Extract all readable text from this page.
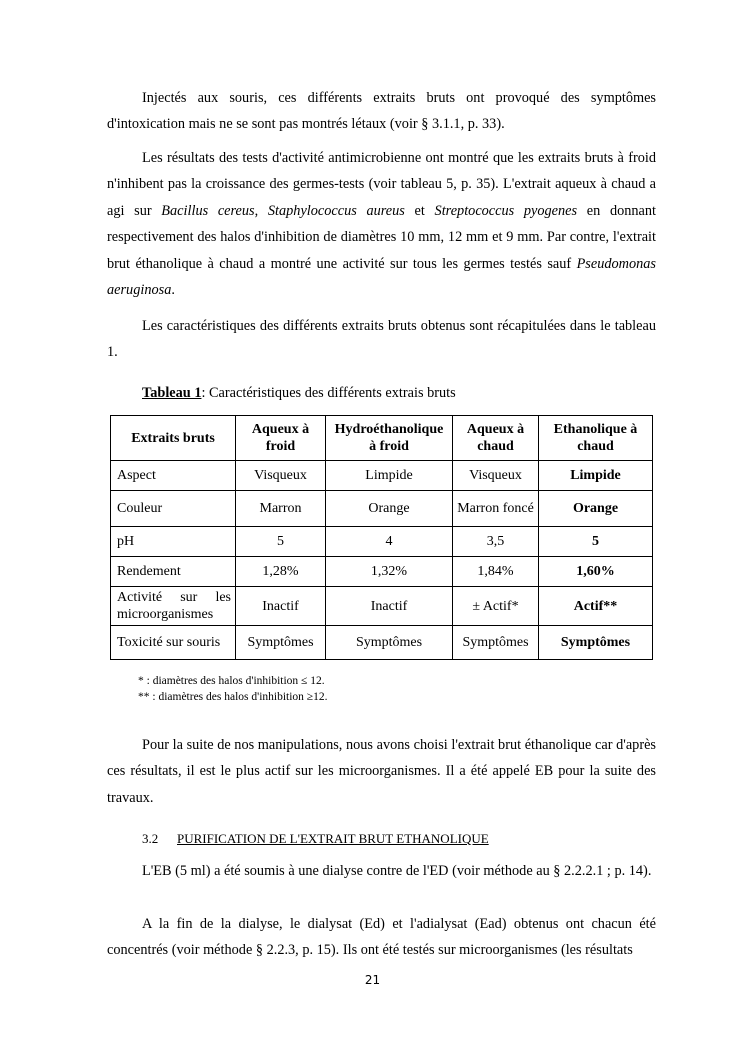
Injectés aux souris, ces différents extraits bruts ont provoqué des symptômes d'intoxication mais ne se sont pas montrés létaux (voir § 3.1.1, p. 33).

Les résultats des tests d'activité antimicrobienne ont montré que les extraits bruts à froid n'inhibent pas la croissance des germes-tests (voir tableau 5, p. 35). L'extrait aqueux à chaud a agi sur Bacillus cereus, Staphylococcus aureus et Streptococcus pyogenes en donnant respectivement des halos d'inhibition de diamètres 10 mm, 12 mm et 9 mm. Par contre, l'extrait brut éthanolique à chaud a montré une activité sur tous les germes testés sauf Pseudomonas aeruginosa.

Les caractéristiques des différents extraits bruts obtenus sont récapitulées dans le tableau 1.

Tableau 1: Caractéristiques des différents extrais bruts
Extraits bruts	Aqueux à froid	Hydroéthanolique à froid	Aqueux à chaud	Ethanolique à chaud
Aspect	Visqueux	Limpide	Visqueux	Limpide
Couleur	Marron	Orange	Marron foncé	Orange
pH	5	4	3,5	5
Rendement	1,28%	1,32%	1,84%	1,60%
Activité sur les microorganismes	Inactif	Inactif	± Actif*	Actif**
Toxicité sur souris	Symptômes	Symptômes	Symptômes	Symptômes
* : diamètres des halos d'inhibition ≤ 12.
** : diamètres des halos d'inhibition ≥12.

Pour la suite de nos manipulations, nous avons choisi l'extrait brut éthanolique car d'après ces résultats, il est le plus actif sur les microorganismes. Il a été appelé EB pour la suite des travaux.

3.2 PURIFICATION DE L'EXTRAIT BRUT ETHANOLIQUE

L'EB (5 ml) a été soumis à une dialyse contre de l'ED (voir méthode au § 2.2.2.1 ; p. 14).

A la fin de la dialyse, le dialysat (Ed) et l'adialysat (Ead) obtenus ont chacun été concentrés (voir méthode § 2.2.3, p. 15). Ils ont été testés sur microorganismes (les résultats

21
